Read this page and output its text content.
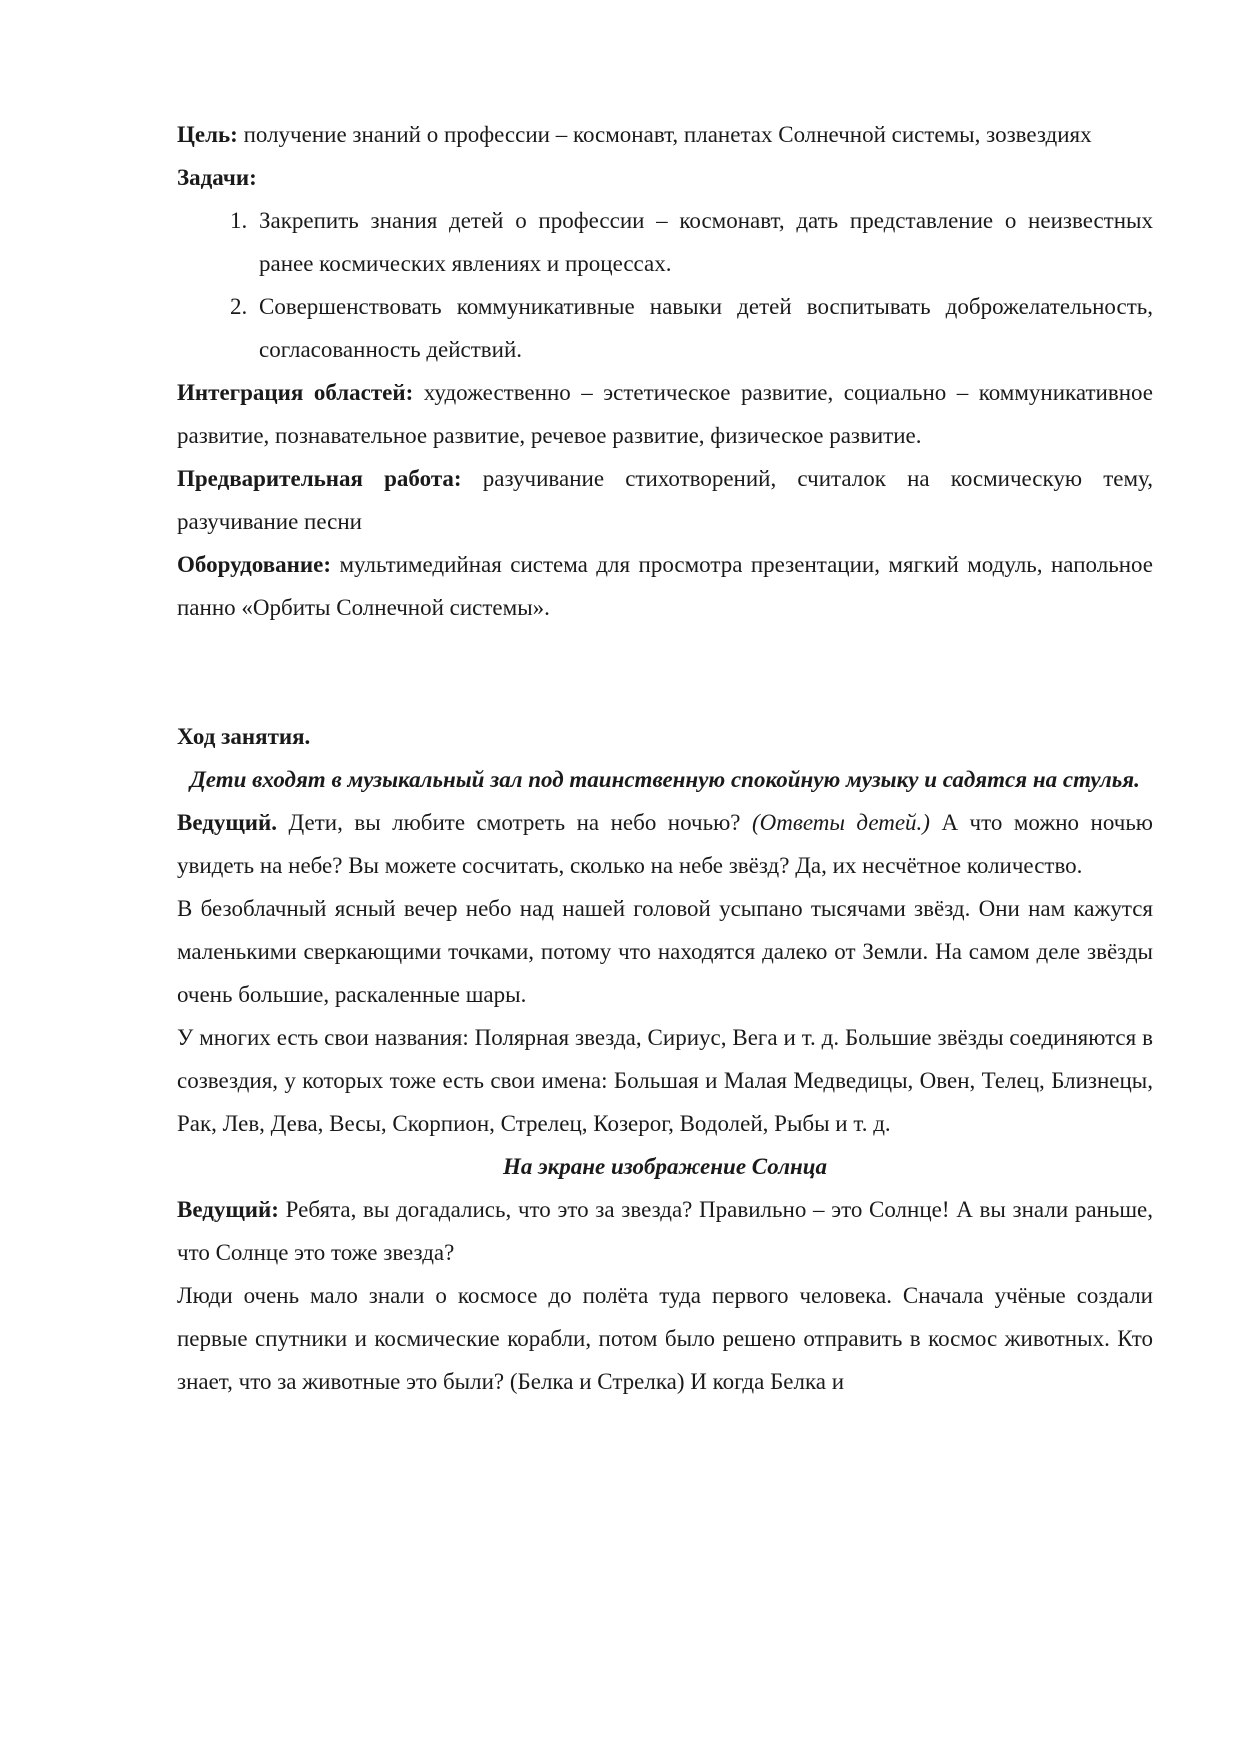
Цель: получение знаний о профессии – космонавт, планетах Солнечной системы, зозвездиях

Задачи:

1. Закрепить знания детей о профессии – космонавт, дать представление о неизвестных ранее космических явлениях и процессах.
2. Совершенствовать коммуникативные навыки детей воспитывать доброжелательность, согласованность действий.

Интеграция областей: художественно – эстетическое развитие, социально – коммуникативное развитие, познавательное развитие, речевое развитие, физическое развитие.

Предварительная работа: разучивание стихотворений, считалок на космическую тему, разучивание песни

Оборудование: мультимедийная система для просмотра презентации, мягкий модуль, напольное панно «Орбиты Солнечной системы».

Ход занятия.

Дети входят в музыкальный зал под таинственную спокойную музыку и садятся на стулья.

Ведущий. Дети, вы любите смотреть на небо ночью? (Ответы детей.) А что можно ночью увидеть на небе? Вы можете сосчитать, сколько на небе звёзд? Да, их несчётное количество.

В безоблачный ясный вечер небо над нашей головой усыпано тысячами звёзд. Они нам кажутся маленькими сверкающими точками, потому что находятся далеко от Земли. На самом деле звёзды очень большие, раскаленные шары.

У многих есть свои названия: Полярная звезда, Сириус, Вега и т. д. Большие звёзды соединяются в созвездия, у которых тоже есть свои имена: Большая и Малая Медведицы, Овен, Телец, Близнецы, Рак, Лев, Дева, Весы, Скорпион, Стрелец, Козерог, Водолей, Рыбы и т. д.

На экране изображение Солнца

Ведущий: Ребята, вы догадались, что это за звезда? Правильно – это Солнце! А вы знали раньше, что Солнце это тоже звезда?

Люди очень мало знали о космосе до полёта туда первого человека. Сначала учёные создали первые спутники и космические корабли, потом было решено отправить в космос животных. Кто знает, что за животные это были? (Белка и Стрелка) И когда Белка и
